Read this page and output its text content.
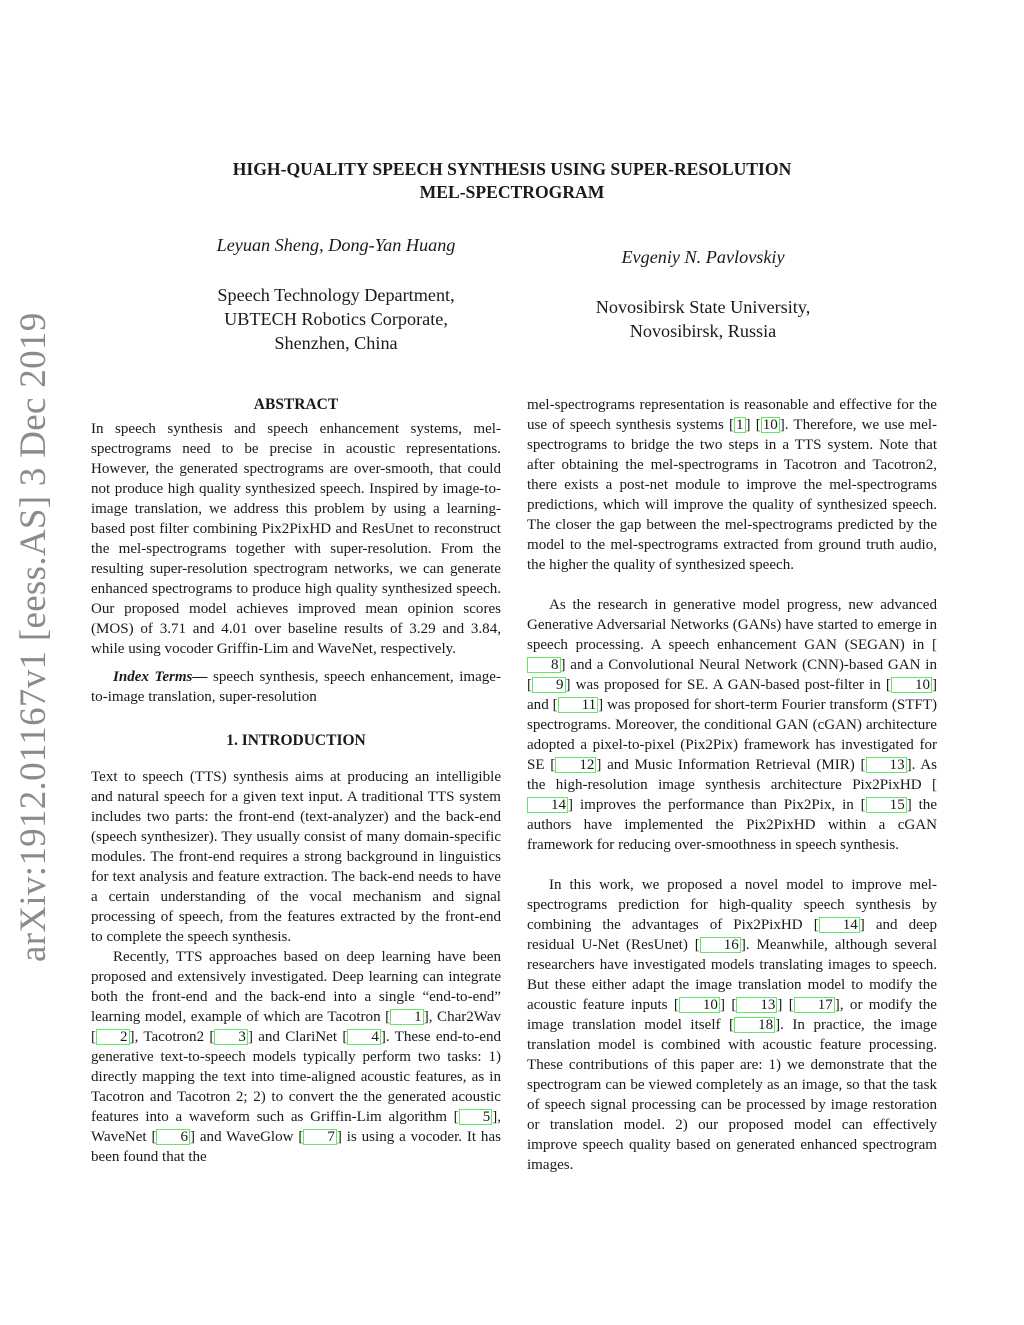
arXiv:1912.01167v1 [eess.AS] 3 Dec 2019
HIGH-QUALITY SPEECH SYNTHESIS USING SUPER-RESOLUTION
MEL-SPECTROGRAM
Leyuan Sheng, Dong-Yan Huang
Speech Technology Department,
UBTECH Robotics Corporate,
Shenzhen, China
Evgeniy N. Pavlovskiy
Novosibirsk State University,
Novosibirsk, Russia
ABSTRACT

In speech synthesis and speech enhancement systems, mel-spectrograms need to be precise in acoustic representations. However, the generated spectrograms are over-smooth, that could not produce high quality synthesized speech. Inspired by image-to-image translation, we address this problem by using a learning-based post filter combining Pix2PixHD and ResUnet to reconstruct the mel-spectrograms together with super-resolution. From the resulting super-resolution spectrogram networks, we can generate enhanced spectrograms to produce high quality synthesized speech. Our proposed model achieves improved mean opinion scores (MOS) of 3.71 and 4.01 over baseline results of 3.29 and 3.84, while using vocoder Griffin-Lim and WaveNet, respectively.

Index Terms— speech synthesis, speech enhancement, image-to-image translation, super-resolution

1. INTRODUCTION

Text to speech (TTS) synthesis aims at producing an intelligible and natural speech for a given text input. A traditional TTS system includes two parts: the front-end (text-analyzer) and the back-end (speech synthesizer). They usually consist of many domain-specific modules. The front-end requires a strong background in linguistics for text analysis and feature extraction. The back-end needs to have a certain understanding of the vocal mechanism and signal processing of speech, from the features extracted by the front-end to complete the speech synthesis.

Recently, TTS approaches based on deep learning have been proposed and extensively investigated. Deep learning can integrate both the front-end and the back-end into a single “end-to-end” learning model, example of which are Tacotron [ 1 ], Char2Wav [ 2 ], Tacotron2 [ 3 ] and ClariNet [ 4 ]. These end-to-end generative text-to-speech models typically perform two tasks: 1) directly mapping the text into time-aligned acoustic features, as in Tacotron and Tacotron 2; 2) to convert the the generated acoustic features into a waveform such as Griffin-Lim algorithm [ 5 ], WaveNet [ 6 ] and WaveGlow [ 7 ] is using a vocoder. It has been found that the

mel-spectrograms representation is reasonable and effective for the use of speech synthesis systems [ 1 ] [ 10 ]. Therefore, we use mel-spectrograms to bridge the two steps in a TTS system. Note that after obtaining the mel-spectrograms in Tacotron and Tacotron2, there exists a post-net module to improve the mel-spectrograms predictions, which will improve the quality of synthesized speech. The closer the gap between the mel-spectrograms predicted by the model to the mel-spectrograms extracted from ground truth audio, the higher the quality of synthesized speech.

As the research in generative model progress, new advanced Generative Adversarial Networks (GANs) have started to emerge in speech processing. A speech enhancement GAN (SEGAN) in [8 ] and a Convolutional Neural Network (CNN)-based GAN in [ 9 ] was proposed for SE. A GAN-based post-filter in [ 10 ] and [ 11 ] was proposed for short-term Fourier transform (STFT) spectrograms. Moreover, the conditional GAN (cGAN) architecture adopted a pixel-to-pixel (Pix2Pix) framework has investigated for SE [ 12 ] and Music Information Retrieval (MIR) [ 13 ]. As the high-resolution image synthesis architecture Pix2PixHD [14 ] improves the performance than Pix2Pix, in [ 15 ] the authors have implemented the Pix2PixHD within a cGAN framework for reducing over-smoothness in speech synthesis.

In this work, we proposed a novel model to improve mel-spectrograms prediction for high-quality speech synthesis by combining the advantages of Pix2PixHD [ 14 ] and deep residual U-Net (ResUnet) [ 16 ]. Meanwhile, although several researchers have investigated models translating images to speech. But these either adapt the image translation model to modify the acoustic feature inputs [ 10 ] [ 13 ] [ 17 ], or modify the image translation model itself [ 18 ]. In practice, the image translation model is combined with acoustic feature processing. These contributions of this paper are: 1) we demonstrate that the spectrogram can be viewed completely as an image, so that the task of speech signal processing can be processed by image restoration or translation model. 2) our proposed model can effectively improve speech quality based on generated enhanced spectrogram images.
